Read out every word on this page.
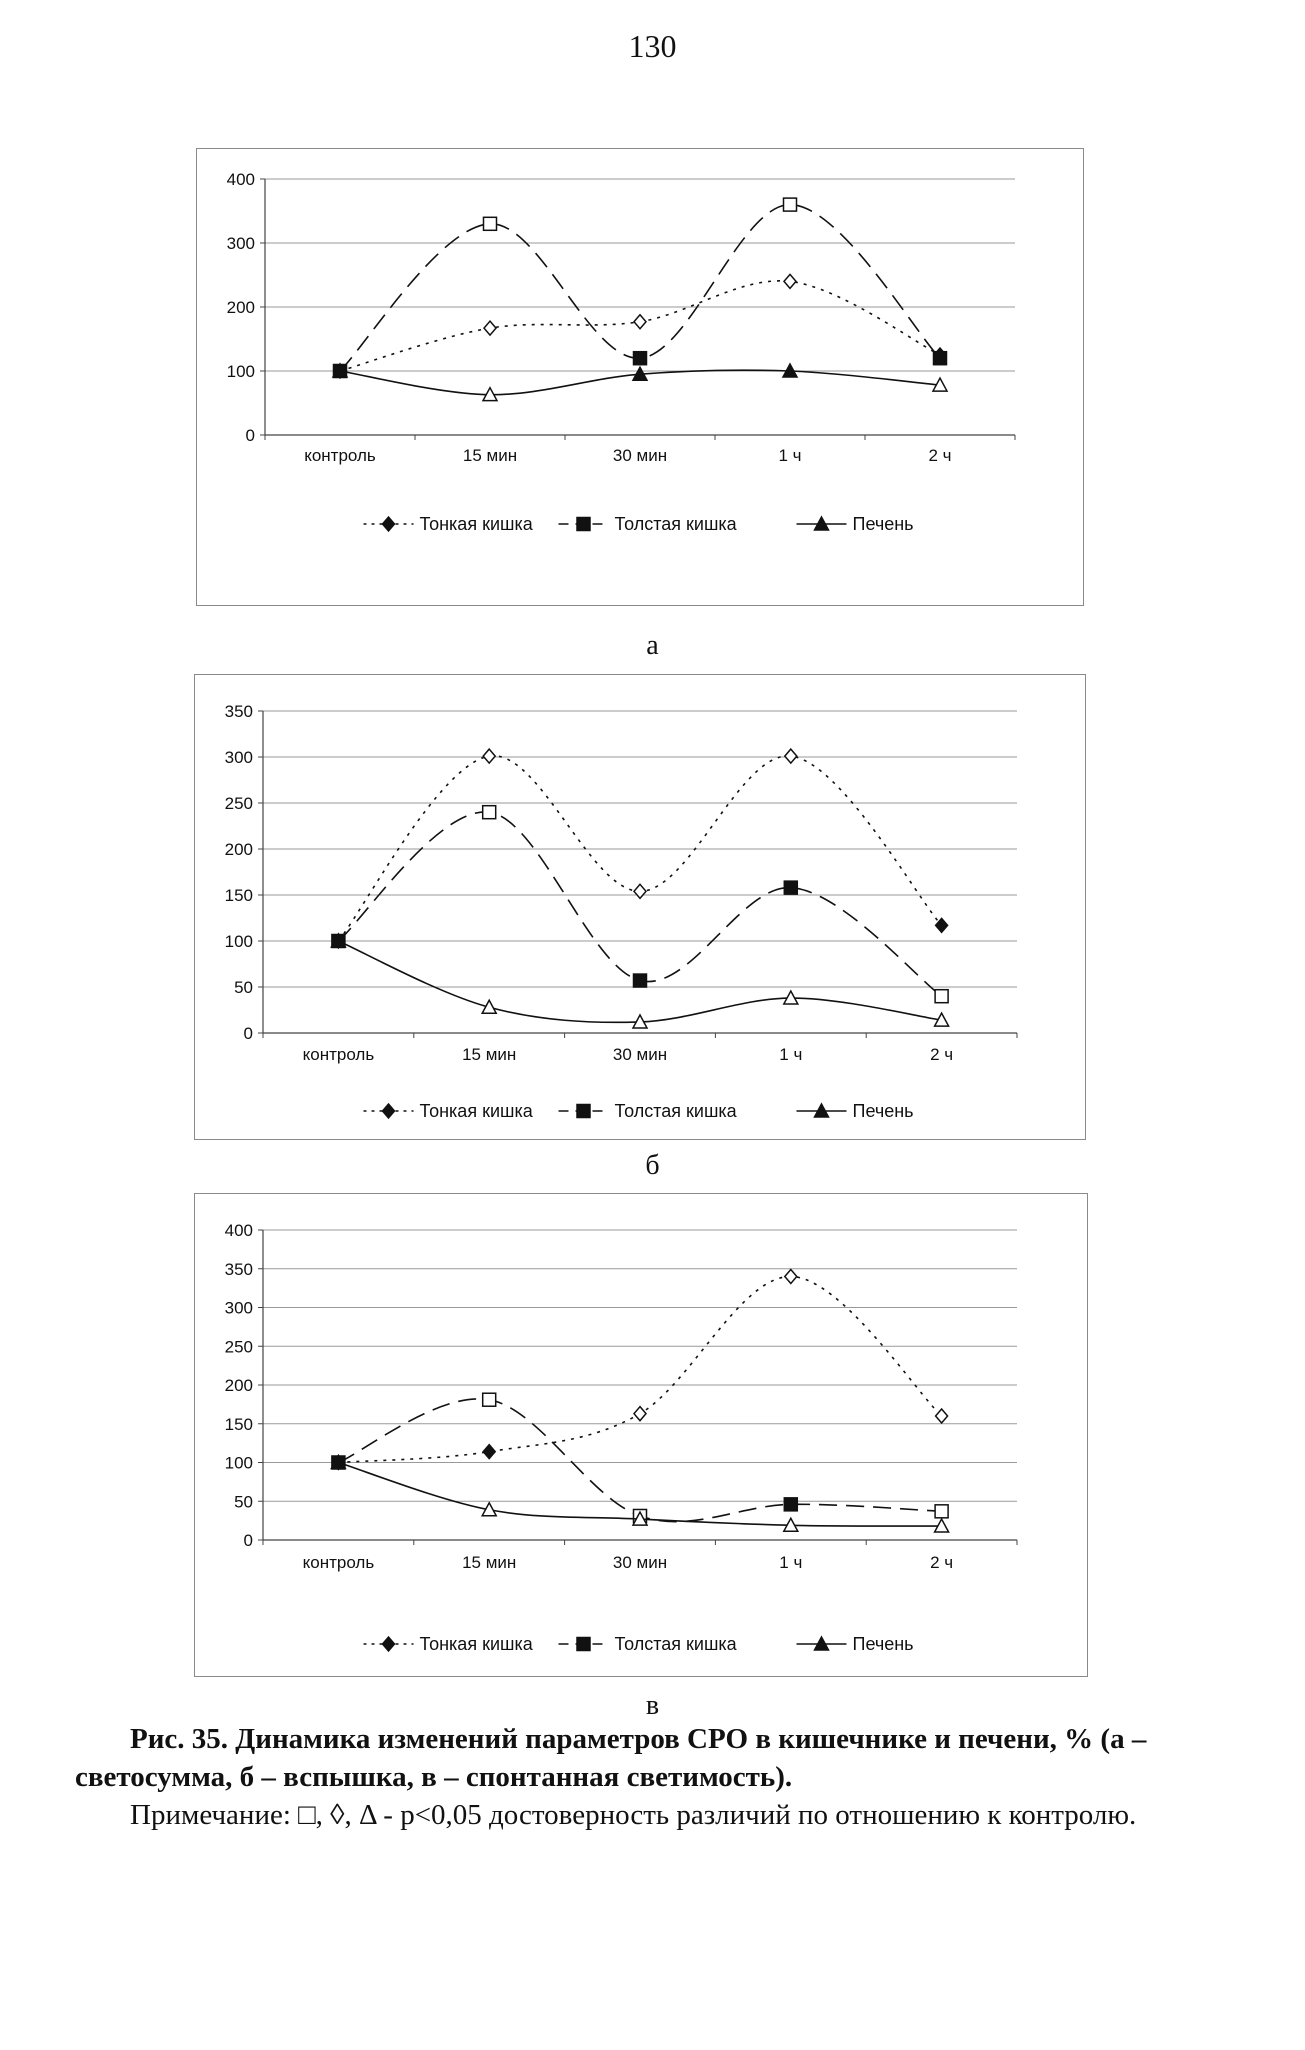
130
0
100
200
300
400
контроль	15 мин	30 мин	1 ч	2 ч
Тонкая кишка	Толстая кишка	Печень
а
0
50
100
150
200
250
300
350
контроль	15 мин	30 мин	1 ч	2 ч
Тонкая кишка	Толстая кишка	Печень
б
0
50
100
150
200
250
300
350
400
контроль	15 мин	30 мин	1 ч	2 ч
Тонкая кишка	Толстая кишка	Печень
в
Рис. 35. Динамика изменений параметров СРО в кишечнике и печени, % (а –
светосумма, б – вспышка, в – спонтанная светимость).
Примечание: □, ◊, Δ - p<0,05 достоверность различий по отношению к контролю.
